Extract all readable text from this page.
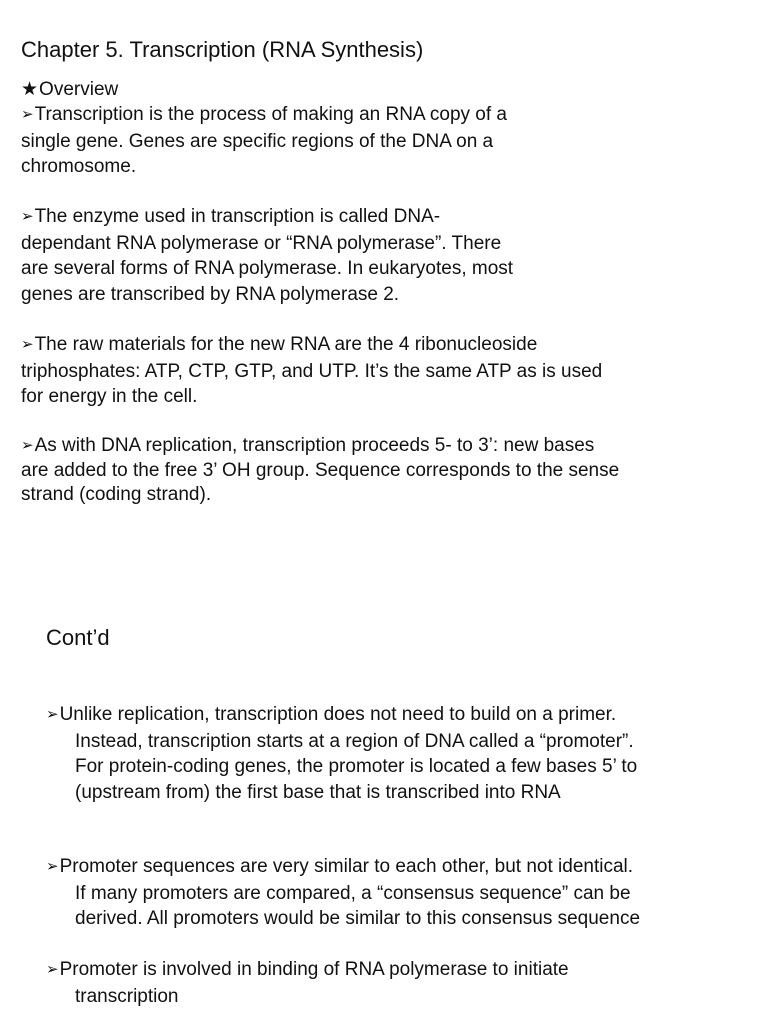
Chapter 5. Transcription (RNA Synthesis)
★Overview

➢Transcription is the process of making an RNA copy of a
single gene. Genes are specific regions of the DNA on a
chromosome.

➢The enzyme used in transcription is called DNA-
dependant RNA polymerase or “RNA polymerase”. There
are several forms of RNA polymerase. In eukaryotes, most
genes are transcribed by RNA polymerase 2.

➢The raw materials for the new RNA are the 4 ribonucleoside
triphosphates: ATP, CTP, GTP, and UTP. It’s the same ATP as is used
for energy in the cell.

➢As with DNA replication, transcription proceeds 5- to 3’: new bases
are added to the free 3’ OH group. Sequence corresponds to the sense
strand (coding strand).

Cont’d

➢Unlike replication, transcription does not need to build on a primer.
Instead, transcription starts at a region of DNA called a “promoter”.
For protein-coding genes, the promoter is located a few bases 5’ to
(upstream from) the first base that is transcribed into RNA

➢Promoter sequences are very similar to each other, but not identical.
If many promoters are compared, a “consensus sequence” can be
derived. All promoters would be similar to this consensus sequence

➢Promoter is involved in binding of RNA polymerase to initiate
transcription
